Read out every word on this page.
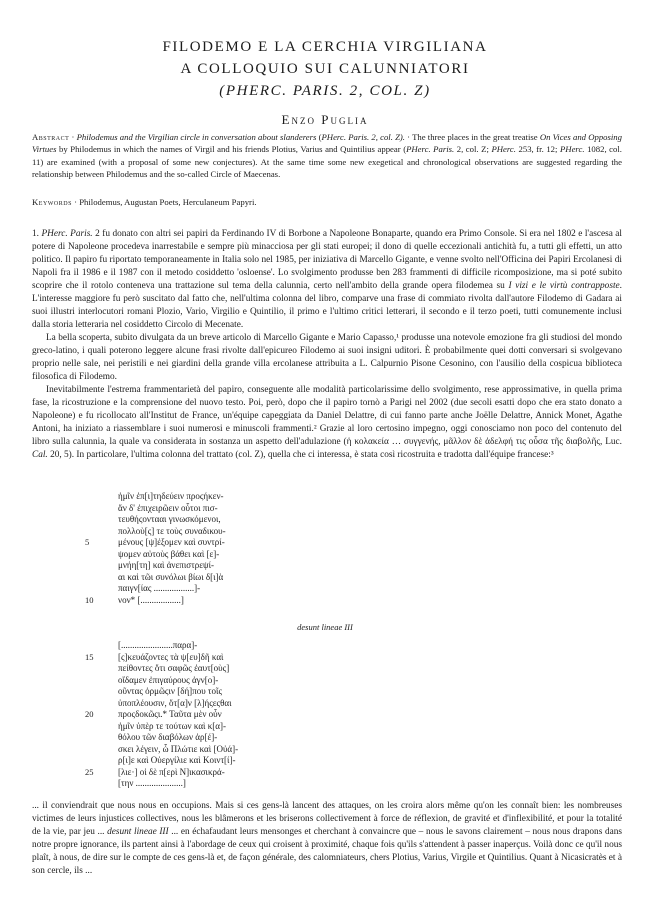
FILODEMO E LA CERCHIA VIRGILIANA

A COLLOQUIO SUI CALUNNIATORI

(PHERC. PARIS. 2, COL. Z)

Enzo Puglia
Abstract · Philodemus and the Virgilian circle in conversation about slanderers (PHerc. Paris. 2, col. Z). · The three places in the great treatise On Vices and Opposing Virtues by Philodemus in which the names of Virgil and his friends Plotius, Varius and Quintilius appear (PHerc. Paris. 2, col. Z; PHerc. 253, fr. 12; PHerc. 1082, col. 11) are examined (with a proposal of some new conjectures). At the same time some new exegetical and chronological observations are suggested regarding the relationship between Philodemus and the so-called Circle of Maecenas.
Keywords · Philodemus, Augustan Poets, Herculaneum Papyri.

1. PHerc. Paris. 2 fu donato con altri sei papiri da Ferdinando IV di Borbone a Napoleone Bonaparte, quando era Primo Console. Si era nel 1802 e l'ascesa al potere di Napoleone procedeva inarrestabile e sempre più minacciosa per gli stati europei; il dono di quelle eccezionali antichità fu, a tutti gli effetti, un atto politico. Il papiro fu riportato temporaneamente in Italia solo nel 1985, per iniziativa di Marcello Gigante, e venne svolto nell'Officina dei Papiri Ercolanesi di Napoli fra il 1986 e il 1987 con il metodo cosiddetto 'osloense'. Lo svolgimento produsse ben 283 frammenti di difficile ricomposizione, ma si poté subito scoprire che il rotolo conteneva una trattazione sul tema della calunnia, certo nell'ambito della grande opera filodemea su I vizi e le virtù contrapposte. L'interesse maggiore fu però suscitato dal fatto che, nell'ultima colonna del libro, comparve una frase di commiato rivolta dall'autore Filodemo di Gadara ai suoi illustri interlocutori romani Plozio, Vario, Virgilio e Quintilio, il primo e l'ultimo critici letterari, il secondo e il terzo poeti, tutti comunemente inclusi dalla storia letteraria nel cosiddetto Circolo di Mecenate.

La bella scoperta, subito divulgata da un breve articolo di Marcello Gigante e Mario Capasso,¹ produsse una notevole emozione fra gli studiosi del mondo greco-latino, i quali poterono leggere alcune frasi rivolte dall'epicureo Filodemo ai suoi insigni uditori. È probabilmente quei dotti conversari si svolgevano proprio nelle sale, nei peristili e nei giardini della grande villa ercolanese attribuita a L. Calpurnio Pisone Cesonino, con l'ausilio della cospicua biblioteca filosofica di Filodemo.

Inevitabilmente l'estrema frammentarietà del papiro, conseguente alle modalità particolarissime dello svolgimento, rese approssimative, in quella prima fase, la ricostruzione e la comprensione del nuovo testo. Poi, però, dopo che il papiro tornò a Parigi nel 2002 (due secoli esatti dopo che era stato donato a Napoleone) e fu ricollocato all'Institut de France, un'équipe capeggiata da Daniel Delattre, di cui fanno parte anche Joëlle Delattre, Annick Monet, Agathe Antoni, ha iniziato a riassemblare i suoi numerosi e minuscoli frammenti.² Grazie al loro certosino impegno, oggi conosciamo non poco del contenuto del libro sulla calunnia, la quale va considerata in sostanza un aspetto dell'adulazione (ἡ κολακεία … συγγενής, μᾶλλον δὲ ἀδελφή τις οὖσα τῆς διαβολῆς, Luc. Cal. 20, 5). In particolare, l'ultima colonna del trattato (col. Z), quella che ci interessa, è stata così ricostruita e tradotta dall'équipe francese:³

ἡμῖν ἐπ[ι]τηδεύειν προςήκεν-
ἄν δ' ἐπιχειρῶειν οὗτοι πισ-
τευθήςοντααι γινωσκόμενοι,
πολλοὺ[ς] τε τοὺς συναδικου-
5	μένους [ψ]έξομεν καὶ συντρί-
ψομεν αὐτοὺς βάθει καὶ [ε]-
μνήη[τη] καὶ ἀνεπιστρεψί-
αι καὶ τῶι συνόλωι βίωι δ[ι]ὰ
παιγν[ίας ..................]-
10	νον* [..................]
desunt lineae III
[.......................παρα]-
15	[ς]κευάζοντες τὰ ψ[ευ]δῆ καὶ
πείθοντες ὅτι σαφῶς ἐαυτ[οὺς]
οἴδαμεν ἐπιγαύρους ἀγν[ο]-
οῦντας ὁρμῶςιν [δή]που τοῖς
ὑποπλέουσιν, ὅτ[α]ν [λ]ήςεςθαι
20	προςδοκῶςι.* Ταῦτα μὲν οὖν
ἡμῖν ὑπὲρ τε τούτων καὶ κ[α]-
θόλου τῶν διαβόλων ἀρ[έ]-
σκει λέγειν, ὦ Πλώτιε καὶ [Οὐά]-
ρ[ι]ε καὶ Οὐεργίλιε καὶ Κοιντ[ί]-
25	[λιε·] οἱ δὲ π[ερὶ Ν]ικασικρά-
[την .....................]
... il conviendrait que nous nous en occupions. Mais si ces gens-là lancent des attaques, on les croira alors même qu'on les connaît bien: les nombreuses victimes de leurs injustices collectives, nous les blâmerons et les briserons collectivement à force de réflexion, de gravité et d'inflexibilité, et pour la totalité de la vie, par jeu ... desunt lineae III ... en échafaudant leurs mensonges et cherchant à convaincre que – nous le savons clairement – nous nous drapons dans notre propre ignorance, ils partent ainsi à l'abordage de ceux qui croisent à proximité, chaque fois qu'ils s'attendent à passer inaperçus. Voilà donc ce qu'il nous plaît, à nous, de dire sur le compte de ces gens-là et, de façon générale, des calomniateurs, chers Plotius, Varius, Virgile et Quintilius. Quant à Nicasicratès et à son cercle, ils ...
